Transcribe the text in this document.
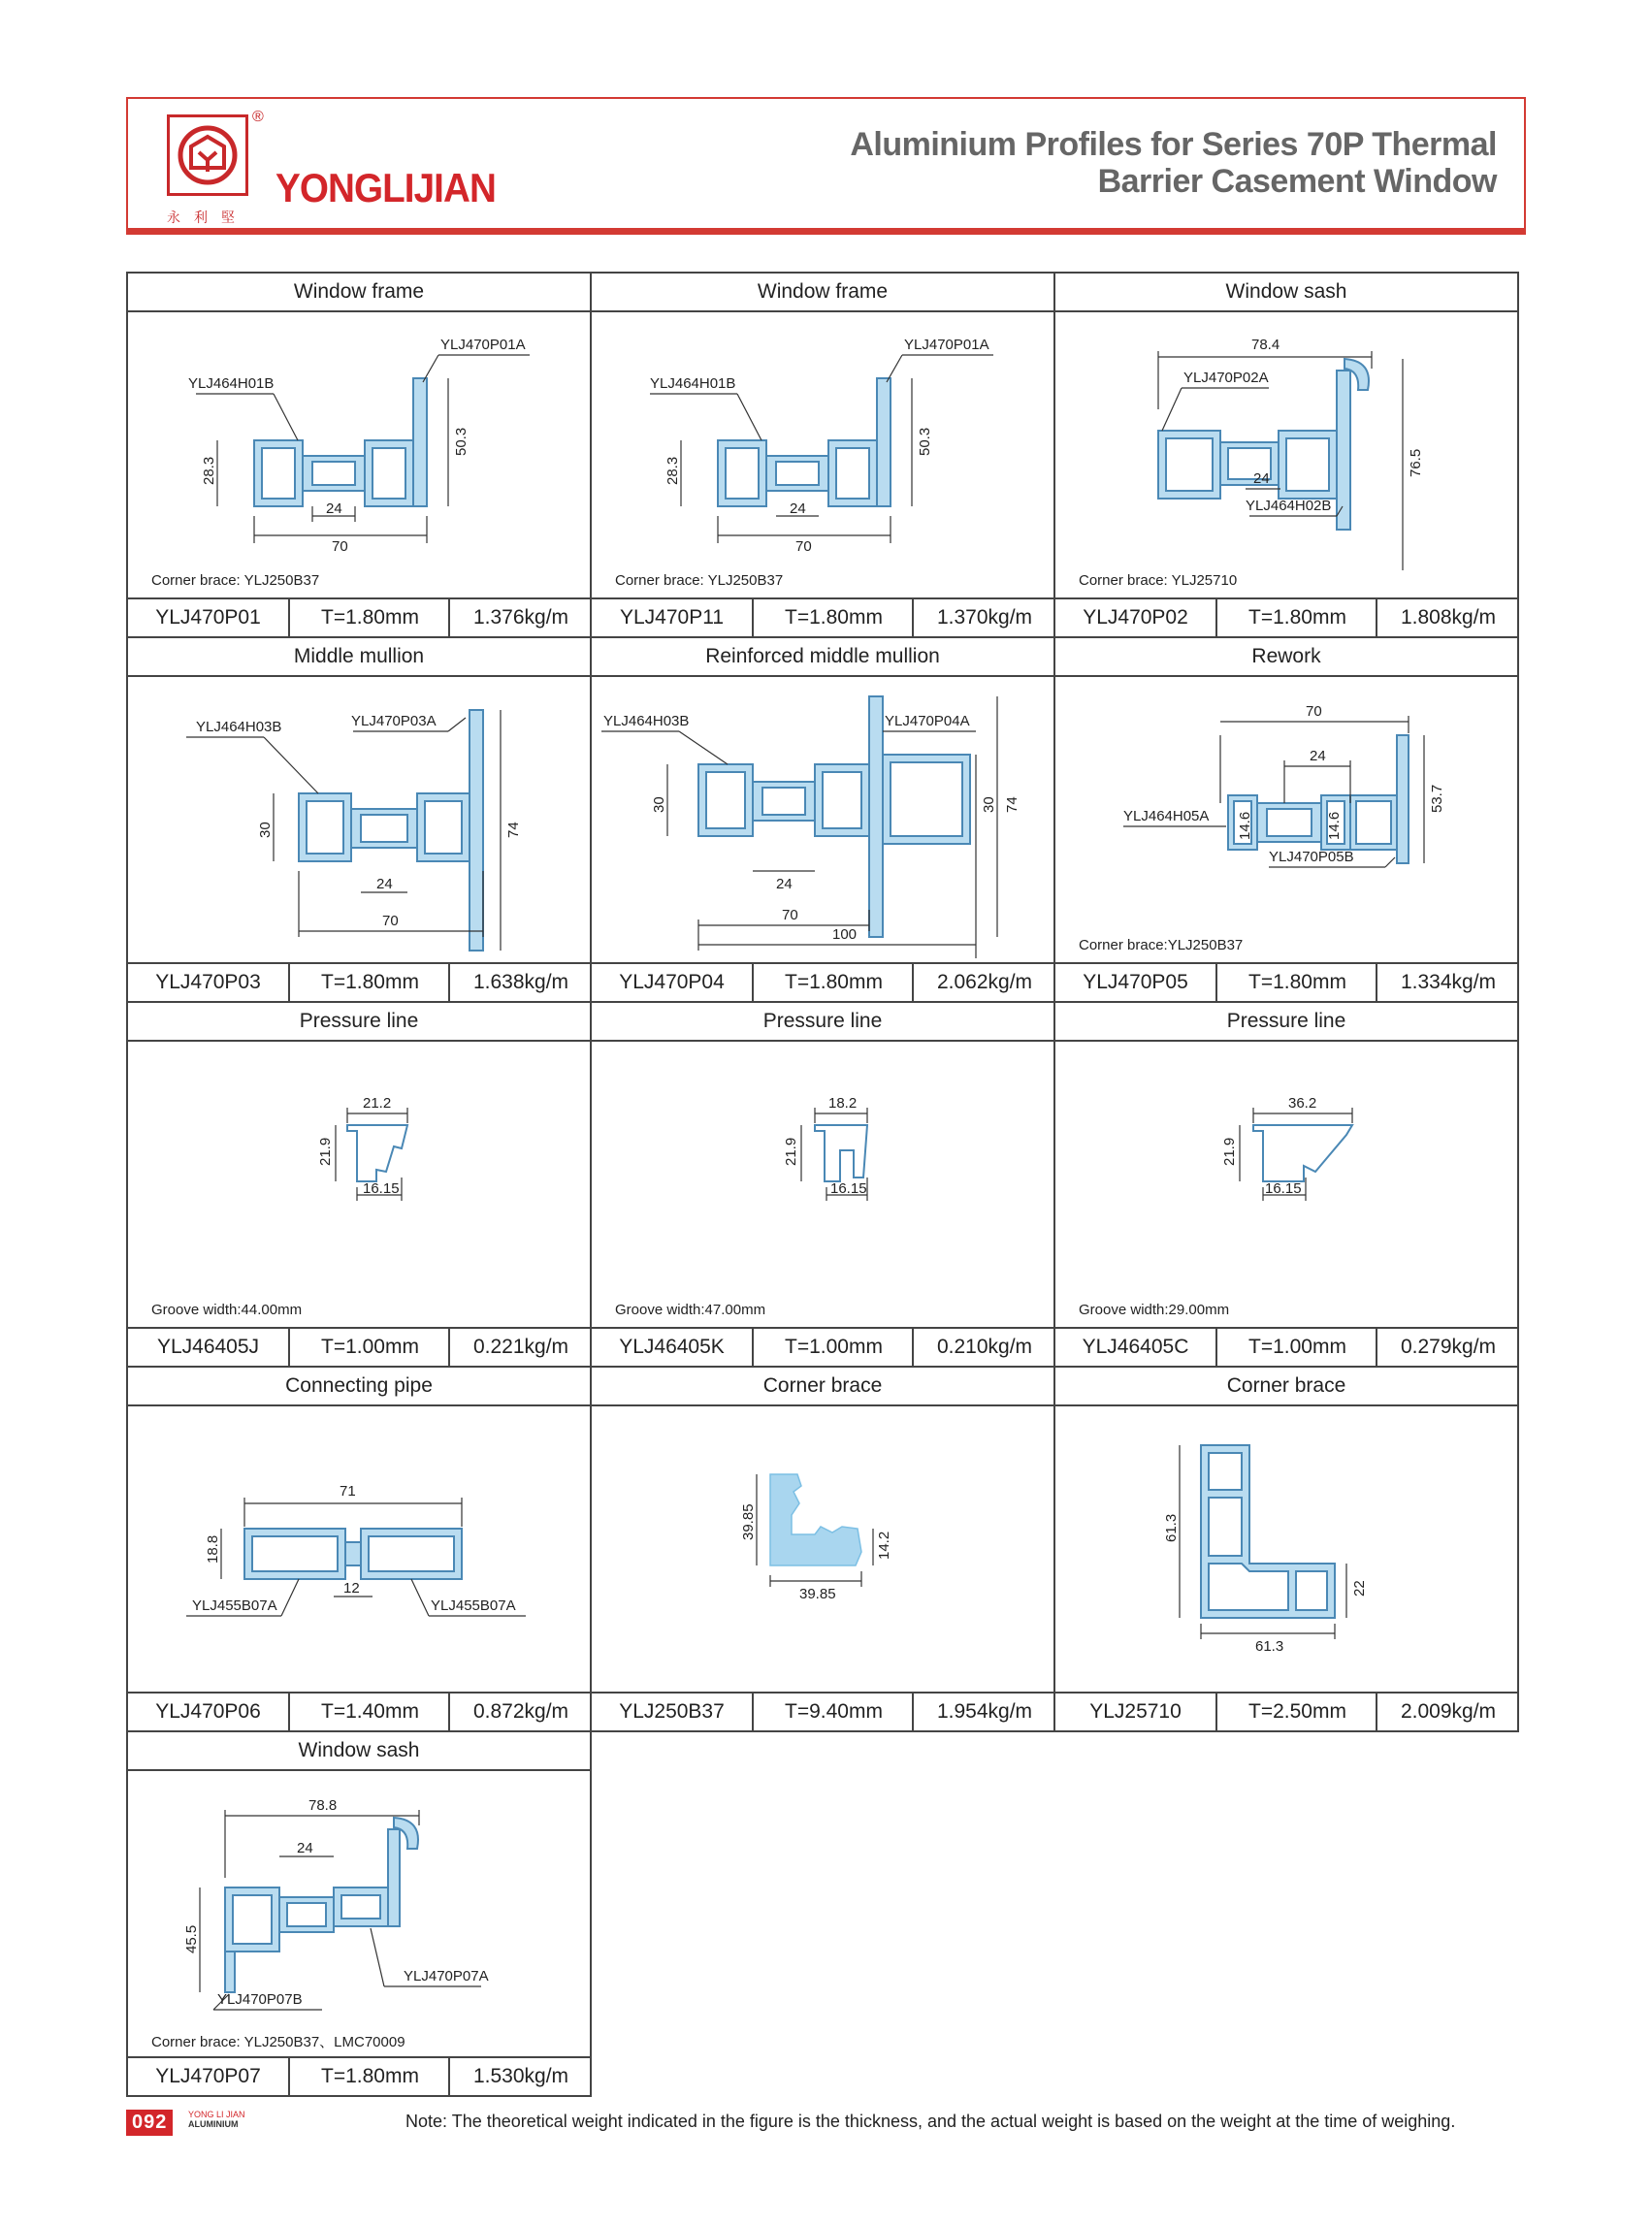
永利堅
®
YONGLIJIAN
Aluminium Profiles for Series 70P Thermal
Barrier Casement Window
Window frame
YLJ470P01A
YLJ464H01B
28.3
24
70
50.3
Corner brace: YLJ250B37
YLJ470P01	T=1.80mm	1.376kg/m
Window frame
YLJ470P01A
YLJ464H01B
28.3
24
70
50.3
Corner brace: YLJ250B37
YLJ470P11	T=1.80mm	1.370kg/m
Window sash
78.4
YLJ470P02A
24
YLJ464H02B
76.5
Corner brace: YLJ25710
YLJ470P02	T=1.80mm	1.808kg/m
Middle mullion
YLJ470P03A
YLJ464H03B
30
24
70
74
YLJ470P03	T=1.80mm	1.638kg/m
Reinforced middle mullion
YLJ470P04A
YLJ464H03B
30
24
70
100
30 74
YLJ470P04	T=1.80mm	2.062kg/m
Rework
70
24
YLJ464H05A 14.6	14.6
YLJ470P05B
53.7
Corner brace:YLJ250B37
YLJ470P05	T=1.80mm	1.334kg/m
Pressure line
21.2
21.9
16.15
Groove width:44.00mm
YLJ46405J	T=1.00mm	0.221kg/m
Pressure line
18.2
21.9
16.15
Groove width:47.00mm
YLJ46405K	T=1.00mm	0.210kg/m
Pressure line
36.2
21.9
16.15
Groove width:29.00mm
YLJ46405C	T=1.00mm	0.279kg/m
Connecting pipe
71
18.8
12
YLJ455B07A	YLJ455B07A
YLJ470P06	T=1.40mm	0.872kg/m
Corner brace
39.85
39.85
14.2
YLJ250B37	T=9.40mm	1.954kg/m
Corner brace
61.3
61.3
22
YLJ25710	T=2.50mm	2.009kg/m
Window sash
78.8
24
45.5
YLJ470P07A
YLJ470P07B
Corner brace: YLJ250B37、LMC70009
YLJ470P07	T=1.80mm	1.530kg/m
092 YONG LI JIAN
ALUMINIUM	Note: The theoretical weight indicated in the figure is the thickness, and the actual weight is based on the weight at the time of weighing.
